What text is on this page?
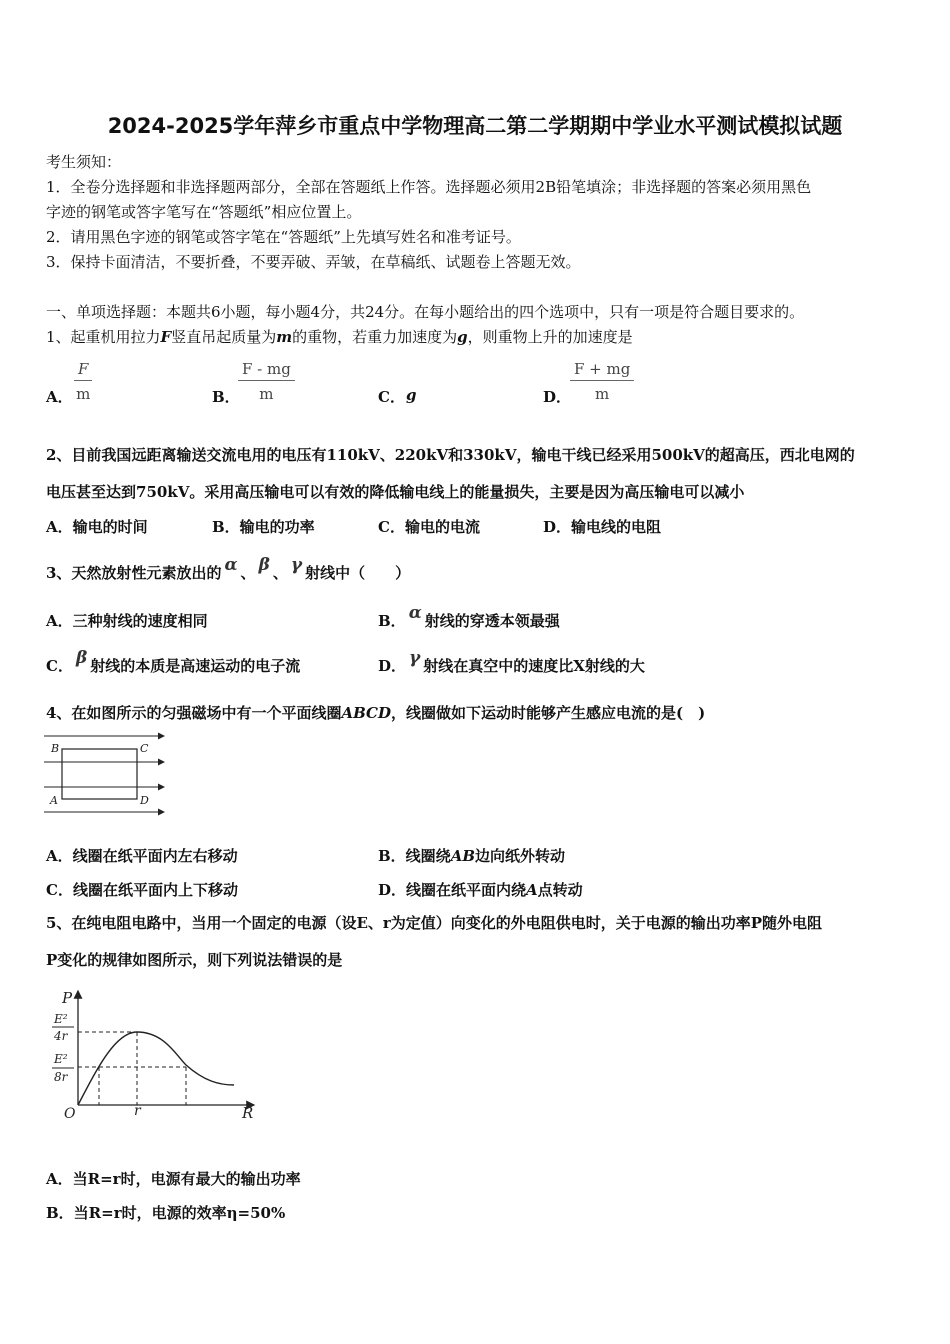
2024-2025学年萍乡市重点中学物理高二第二学期期中学业水平测试模拟试题
考生须知：
1．全卷分选择题和非选择题两部分，全部在答题纸上作答。选择题必须用2B铅笔填涂；非选择题的答案必须用黑色
字迹的钢笔或答字笔写在“答题纸”相应位置上。
2．请用黑色字迹的钢笔或答字笔在“答题纸”上先填写姓名和准考证号。
3．保持卡面清洁，不要折叠，不要弄破、弄皱，在草稿纸、试题卷上答题无效。
一、单项选择题：本题共6小题，每小题4分，共24分。在每小题给出的四个选项中，只有一项是符合题目要求的。
1、起重机用拉力F竖直吊起质量为m的重物，若重力加速度为g，则重物上升的加速度是
A． $\frac{F}{m}$	B．
$\frac{F - mg}{m}$	C． g	D．
$\frac{F + mg}{m}$
2、目前我国远距离输送交流电用的电压有110kV、220kV和330kV，输电干线已经采用500kV的超高压，西北电网的
电压甚至达到750kV。采用高压输电可以有效的降低输电线上的能量损失，主要是因为高压输电可以减小
A．输电的时间	B．输电的功率	C．输电的电流	D．输电线的电阻
3、天然放射性元素放出的 α 、 β 、 γ 射线中（　　）
A．三种射线的速度相同	B． α 射线的穿透本领最强
C． β 射线的本质是高速运动的电子流	D． γ 射线在真空中的速度比X射线的大
4、在如图所示的匀强磁场中有一个平面线圈ABCD，线圈做如下运动时能够产生感应电流的是(　)
B	C
A	D
A．线圈在纸平面内左右移动	B．线圈绕AB边向纸外转动
C．线圈在纸平面内上下移动	D．线圈在纸平面内绕A点转动
5、在纯电阻电路中，当用一个固定的电源（设E、r为定值）向变化的外电阻供电时，关于电源的输出功率P随外电阻
P变化的规律如图所示，则下列说法错误的是
P
R
O	r
E²
4r
E²
8r
A．当R=r时，电源有最大的输出功率
B．当R=r时，电源的效率η=50%
